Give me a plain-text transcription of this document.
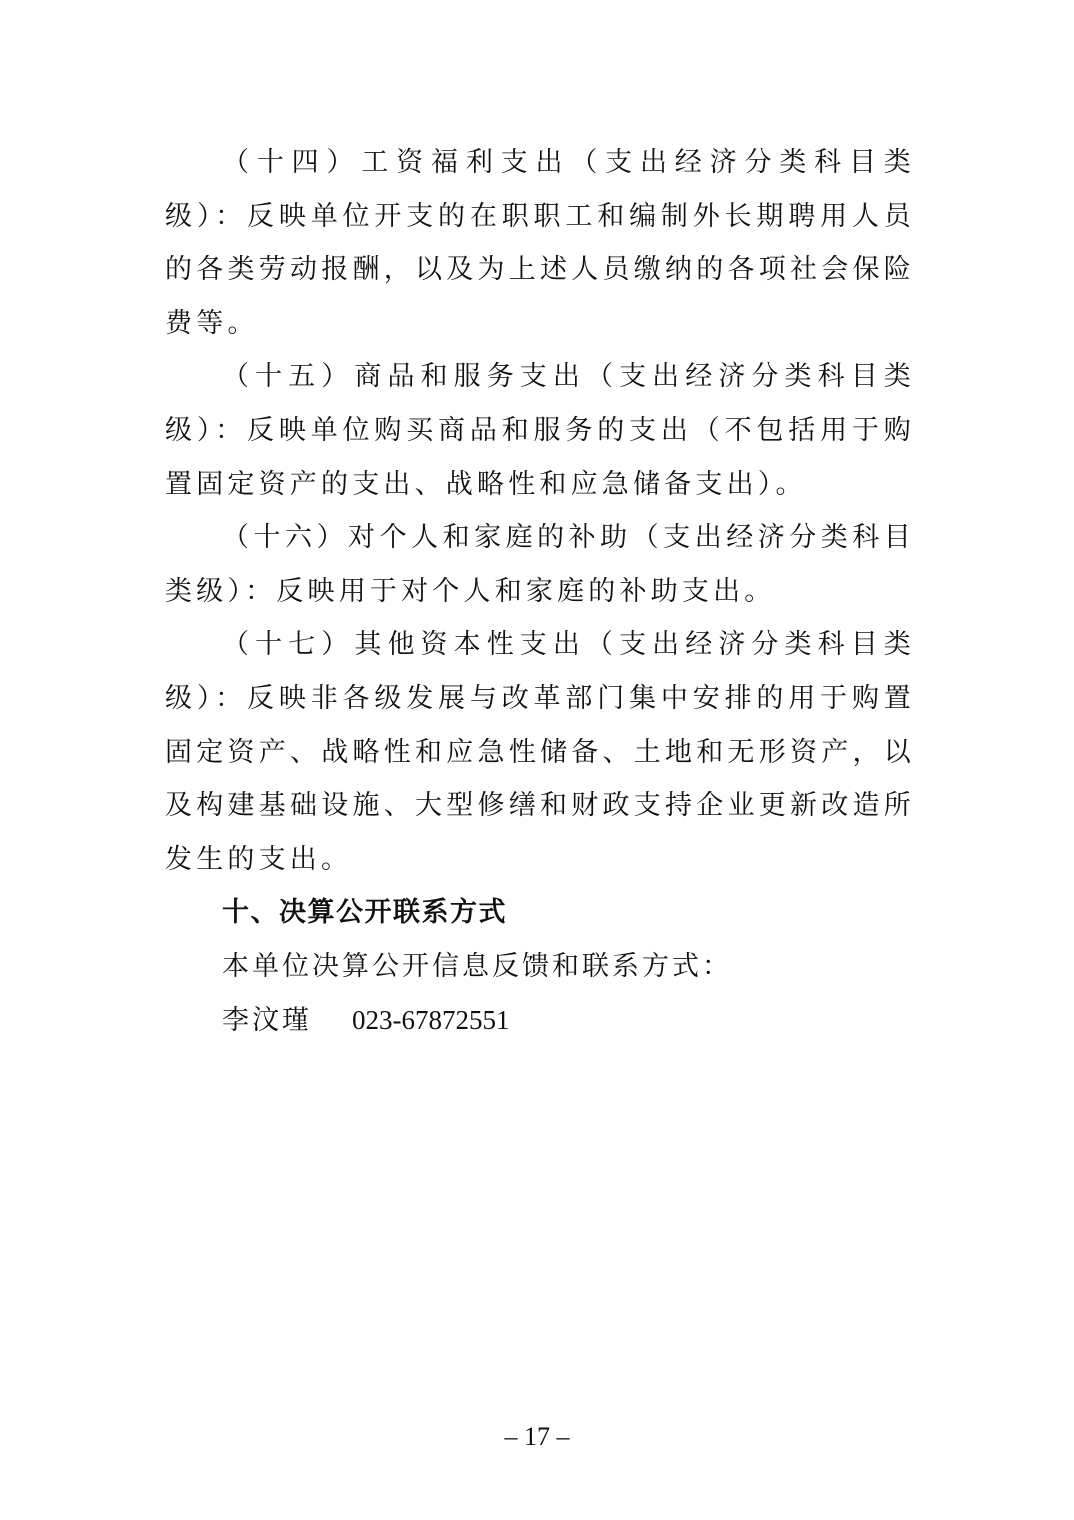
（十四）工资福利支出（支出经济分类科目类级）：反映单位开支的在职职工和编制外长期聘用人员的各类劳动报酬，以及为上述人员缴纳的各项社会保险费等。

（十五）商品和服务支出（支出经济分类科目类级）：反映单位购买商品和服务的支出（不包括用于购置固定资产的支出、战略性和应急储备支出）。

（十六）对个人和家庭的补助（支出经济分类科目类级）：反映用于对个人和家庭的补助支出。

（十七）其他资本性支出（支出经济分类科目类级）：反映非各级发展与改革部门集中安排的用于购置固定资产、战略性和应急性储备、土地和无形资产，以及构建基础设施、大型修缮和财政支持企业更新改造所发生的支出。

十、决算公开联系方式

本单位决算公开信息反馈和联系方式：

李汶瑾 023-67872551

– 17 –
